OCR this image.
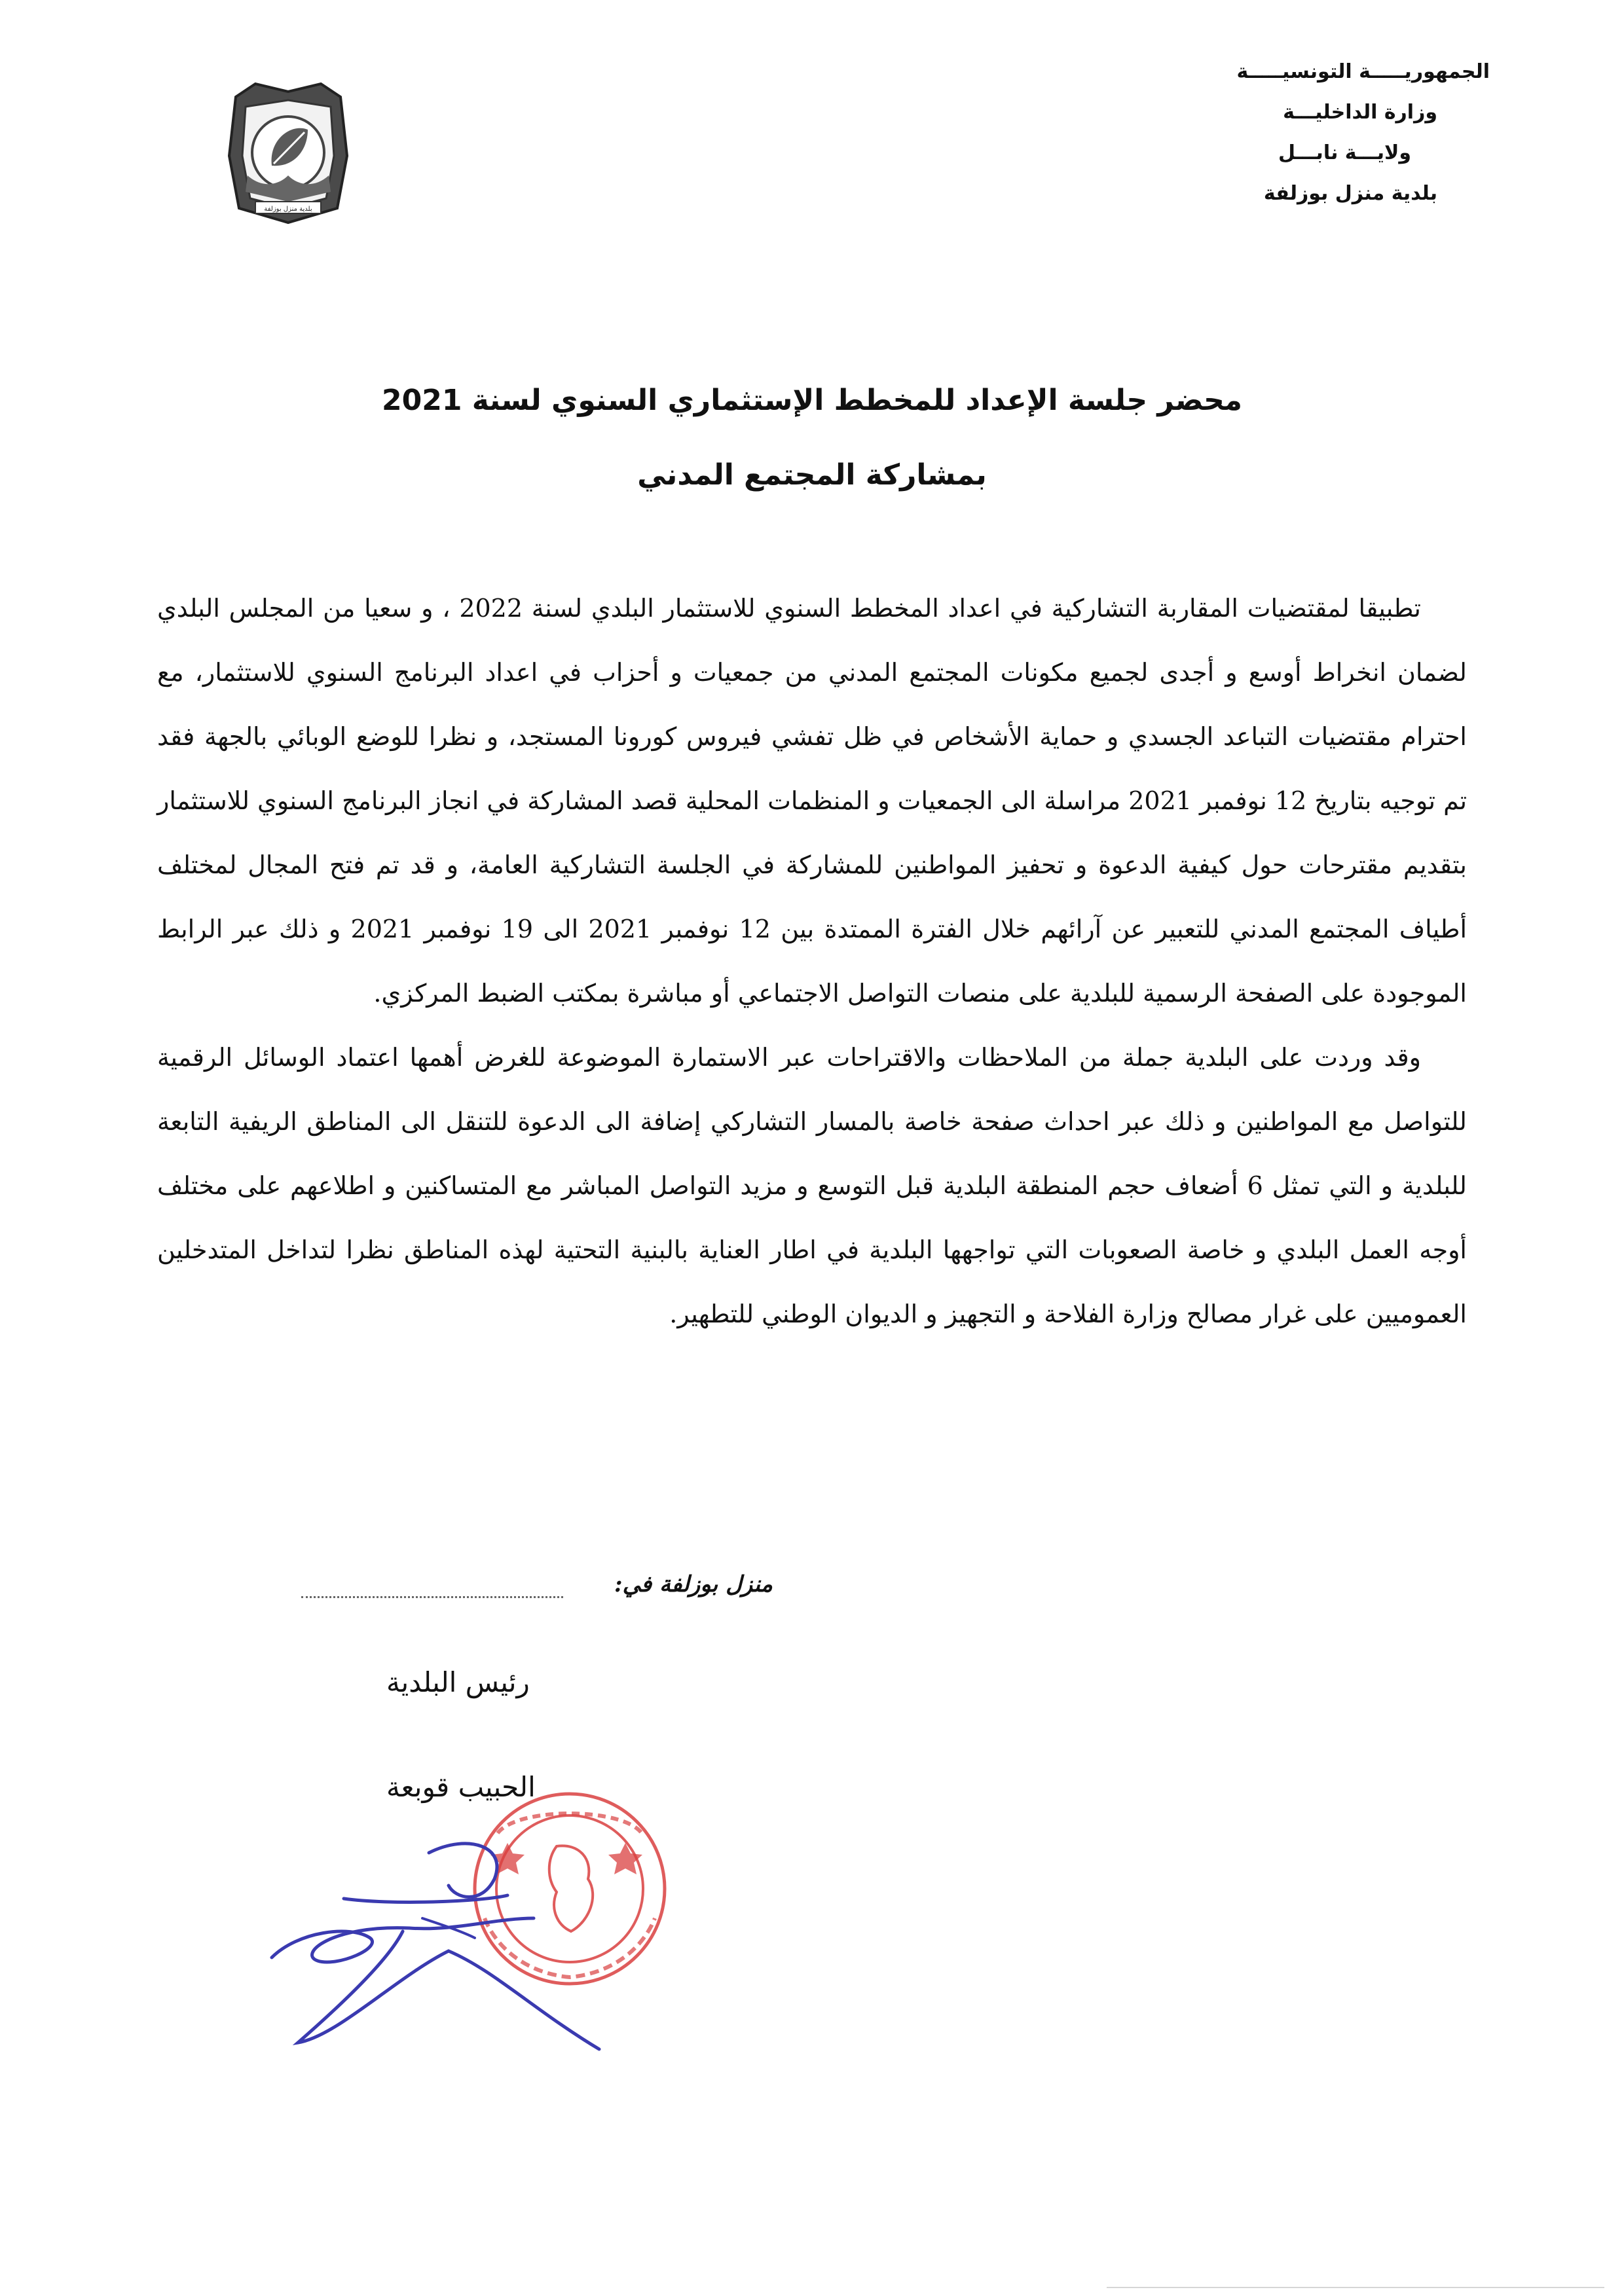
بلدية منزل بوزلفة
الجمهوريـــــة التونسيـــــة
وزارة الداخليـــة
ولايـــة نابـــل
بلدية منزل بوزلفة
محضر جلسة الإعداد للمخطط الإستثماري السنوي لسنة 2021
بمشاركة المجتمع المدني

تطبيقا لمقتضيات المقاربة التشاركية في اعداد المخطط السنوي للاستثمار البلدي لسنة 2022 ، و سعيا من المجلس البلدي لضمان انخراط أوسع و أجدى لجميع مكونات المجتمع المدني من جمعيات و أحزاب في اعداد البرنامج السنوي للاستثمار، مع احترام مقتضيات التباعد الجسدي و حماية الأشخاص في ظل تفشي فيروس كورونا المستجد، و نظرا للوضع الوبائي بالجهة فقد تم توجيه بتاريخ 12 نوفمبر 2021 مراسلة الى الجمعيات و المنظمات المحلية قصد المشاركة في انجاز البرنامج السنوي للاستثمار بتقديم مقترحات حول كيفية الدعوة و تحفيز المواطنين للمشاركة في الجلسة التشاركية العامة، و قد تم فتح المجال لمختلف أطياف المجتمع المدني للتعبير عن آرائهم خلال الفترة الممتدة بين 12 نوفمبر 2021 الى 19 نوفمبر 2021 و ذلك عبر الرابط الموجودة على الصفحة الرسمية للبلدية على منصات التواصل الاجتماعي أو مباشرة بمكتب الضبط المركزي.

وقد وردت على البلدية جملة من الملاحظات والاقتراحات عبر الاستمارة الموضوعة للغرض أهمها اعتماد الوسائل الرقمية للتواصل مع المواطنين و ذلك عبر احداث صفحة خاصة بالمسار التشاركي إضافة الى الدعوة للتنقل الى المناطق الريفية التابعة للبلدية و التي تمثل 6 أضعاف حجم المنطقة البلدية قبل التوسع و مزيد التواصل المباشر مع المتساكنين و اطلاعهم على مختلف أوجه العمل البلدي و خاصة الصعوبات التي تواجهها البلدية في اطار العناية بالبنية التحتية لهذه المناطق نظرا لتداخل المتدخلين العموميين على غرار مصالح وزارة الفلاحة و التجهيز و الديوان الوطني للتطهير.

منزل بوزلفة في:
رئيس البلدية
الحبيب قوبعة
